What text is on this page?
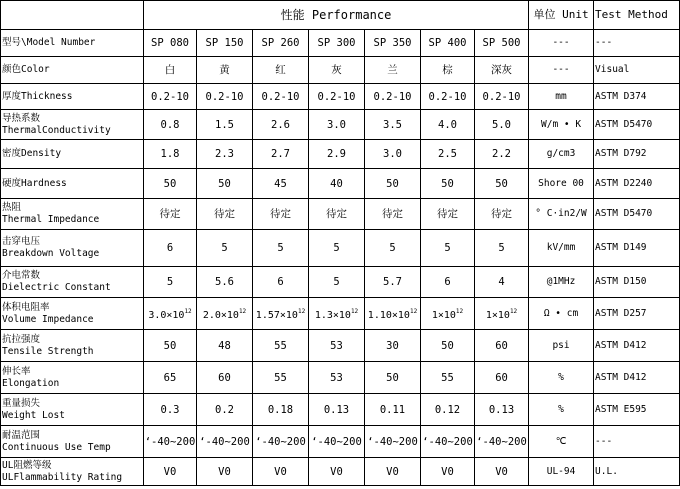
	性能 Performance							单位 Unit	Test Method

型号\Model Number	SP 080	SP 150	SP 260	SP 300	SP 350	SP 400	SP 500	---	---

颜色Color	白	黄	红	灰	兰	棕	深灰	---	Visual

厚度Thickness	0.2-10	0.2-10	0.2-10	0.2-10	0.2-10	0.2-10	0.2-10	mm	ASTM D374

导热系数
ThermalConductivity	0.8	1.5	2.6	3.0	3.5	4.0	5.0	W/m • K	ASTM D5470

密度Density	1.8	2.3	2.7	2.9	3.0	2.5	2.2	g/cm3	ASTM D792

硬度Hardness	50	50	45	40	50	50	50	Shore 00	ASTM D2240

热阻
Thermal Impedance	待定	待定	待定	待定	待定	待定	待定	° C·in2/W	ASTM D5470

击穿电压
Breakdown Voltage	6	5	5	5	5	5	5	kV/mm	ASTM D149

介电常数
Dielectric Constant	5	5.6	6	5	5.7	6	4	@1MHz	ASTM D150

体积电阻率
Volume Impedance	$3.0\times 10^{12}$	$2.0\times 10^{12}$	$1.57\times 10^{12}$	$1.3\times 10^{12}$	$1.10\times 10^{12}$	$1\times 10^{12}$	$1\times 10^{12}$	Ω • cm	ASTM D257

抗拉强度
Tensile Strength	50	48	55	53	30	50	60	psi	ASTM D412

伸长率
Elongation	65	60	55	53	50	55	60	%	ASTM D412

重量损失
Weight Lost	0.3	0.2	0.18	0.13	0.11	0.12	0.13	%	ASTM E595

耐温范围
Continuous Use Temp	‘-40~200	‘-40~200	‘-40~200	‘-40~200	‘-40~200	‘-40~200	‘-40~200	℃	---

UL阻燃等级
ULFlammability Rating	V0	V0	V0	V0	V0	V0	V0	UL-94	U.L.
